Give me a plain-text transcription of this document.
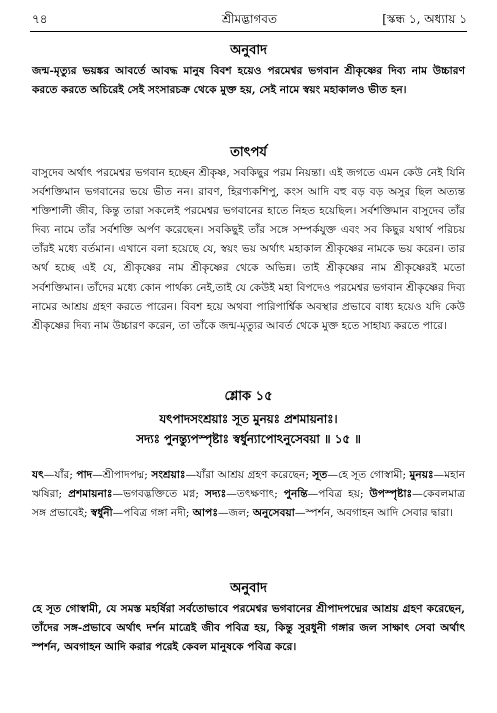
৭৪	শ্রীমদ্ভাগবত	[স্কন্ধ ১, অধ্যায় ১
অনুবাদ
জন্ম-মৃত্যুর ভয়ঙ্কর আবর্তে আবদ্ধ মানুষ বিবশ হয়েও পরমেশ্বর ভগবান শ্রীকৃষ্ণের দিব্য নাম উচ্চারণ করতে করতে অচিরেই সেই সংসারচক্র থেকে মুক্ত হয়, সেই নামে স্বয়ং মহাকালও ভীত হন।
তাৎপর্য
বাসুদেব অর্থাৎ পরমেশ্বর ভগবান হচ্ছেন শ্রীকৃষ্ণ, সবকিছুর পরম নিয়ন্তা। এই জগতে এমন কেউ নেই যিনি সর্বশক্তিমান ভগবানের ভয়ে ভীত নন। রাবণ, হিরণ্যকশিপু, কংস আদি বহু বড় বড় অসুর ছিল অত্যন্ত শক্তিশালী জীব, কিন্তু তারা সকলেই পরমেশ্বর ভগবানের হাতে নিহত হয়েছিল। সর্বশক্তিমান বাসুদেব তাঁর দিব্য নামে তাঁর সর্বশক্তি অর্পণ করেছেন। সবকিছুই তাঁর সঙ্গে সম্পর্কযুক্ত এবং সব কিছুর যথার্থ পরিচয় তাঁরই মধ্যে বর্তমান। এখানে বলা হয়েছে যে, স্বয়ং ভয় অর্থাৎ মহাকাল শ্রীকৃষ্ণের নামকে ভয় করেন। তার অর্থ হচ্ছে এই যে, শ্রীকৃষ্ণের নাম শ্রীকৃষ্ণের থেকে অভিন্ন। তাই শ্রীকৃষ্ণের নাম শ্রীকৃষ্ণেরই মতো সর্বশক্তিমান। তাঁদের মধ্যে কোন পার্থক্য নেই,তাই যে কেউই মহা বিপদেও পরমেশ্বর ভগবান শ্রীকৃষ্ণের দিব্য নামের আশ্রয় গ্রহণ করতে পারেন। বিবশ হয়ে অথবা পারিপার্শ্বিক অবস্থার প্রভাবে বাধ্য হয়েও যদি কেউ শ্রীকৃষ্ণের দিব্য নাম উচ্চারণ করেন, তা তাঁকে জন্ম-মৃত্যুর আবর্ত থেকে মুক্ত হতে সাহায্য করতে পারে।
শ্লোক ১৫
যৎপাদসংশ্রয়াঃ সূত মুনয়ঃ প্রশমায়নাঃ।
সদ্যঃ পুনন্ত্যুপস্পৃষ্টাঃ স্বর্ধুন্যাপোঽনুসেবয়া ॥ ১৫ ॥
যৎ—যাঁর; পাদ—শ্রীপাদপদ্ম; সংশ্রয়াঃ—যাঁরা আশ্রয় গ্রহণ করেছেন; সূত—হে সূত গোস্বামী; মুনয়ঃ—মহান ঋষিরা; প্রশমায়নাঃ—ভগবদ্ভক্তিতে মগ্ন; সদ্যঃ—তৎক্ষণাৎ; পুনন্তি—পবিত্র হয়; উপস্পৃষ্টাঃ—কেবলমাত্র সঙ্গ প্রভাবেই; স্বর্ধুনী—পবিত্র গঙ্গা নদী; আপঃ—জল; অনুসেবয়া—স্পর্শন, অবগাহন আদি সেবার দ্বারা।
অনুবাদ
হে সূত গোস্বামী, যে সমস্ত মহর্ষিরা সর্বতোভাবে পরমেশ্বর ভগবানের শ্রীপাদপদ্মের আশ্রয় গ্রহণ করেছেন, তাঁদের সঙ্গ-প্রভাবে অর্থাৎ দর্শন মাত্রেই জীব পবিত্র হয়, কিন্তু সুরধুনী গঙ্গার জল সাক্ষাৎ সেবা অর্থাৎ স্পর্শন, অবগাহন আদি করার পরেই কেবল মানুষকে পবিত্র করে।
